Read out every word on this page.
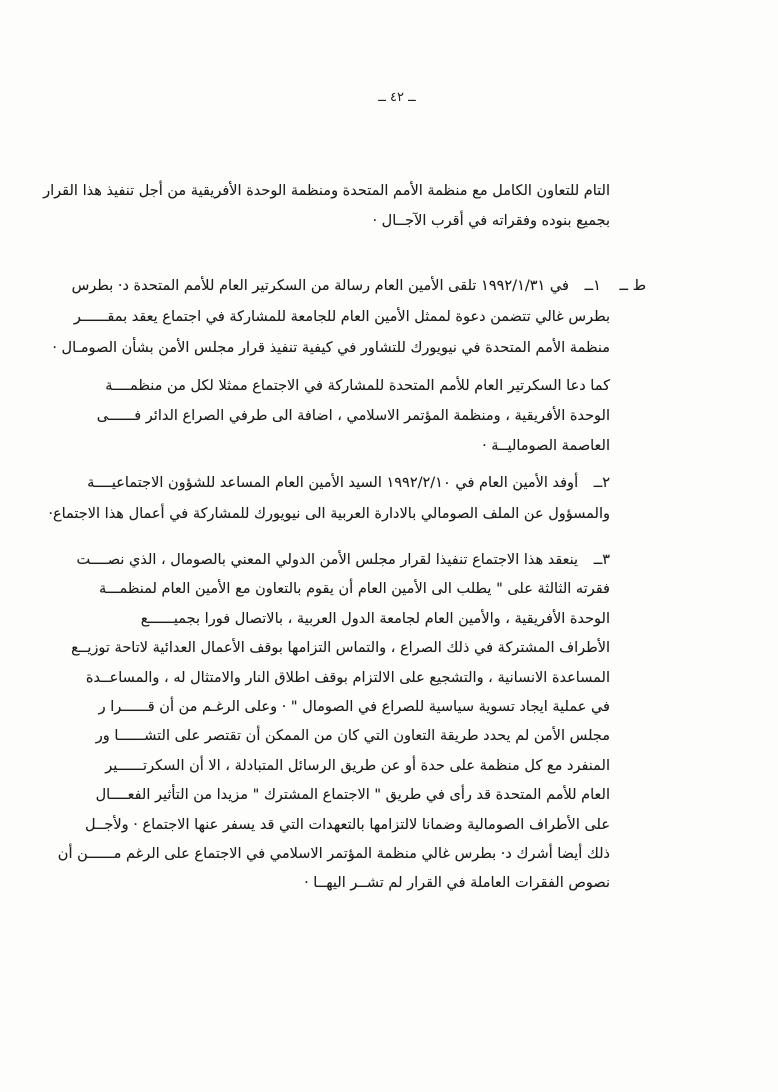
ــ ٤٢ ــ
التام للتعاون الكامل مع منظمة الأمم المتحدة ومنظمة الوحدة الأفريقية من أجل تنفيذ هذا القرار
بجميع بنوده وفقراته في أقرب الآجــال ·
ط ــ ١ــ في ١٩٩٢/١/٣١ تلقى الأمين العام رسالة من السكرتير العام للأمم المتحدة د· بطرس
بطرس غالي تتضمن دعوة لممثل الأمين العام للجامعة للمشاركة في اجتماع يعقد بمقــــــر
منظمة الأمم المتحدة في نيويورك للتشاور في كيفية تنفيذ قرار مجلس الأمن بشأن الصومـال ·
كما دعا السكرتير العام للأمم المتحدة للمشاركة في الاجتماع ممثلا لكل من منظمــــة
الوحدة الأفريقية ، ومنظمة المؤتمر الاسلامي ، اضافة الى طرفي الصراع الدائر فــــــى
العاصمة الصوماليــة ·
٢ــ أوفد الأمين العام في ١٩٩٢/٢/١٠ السيد الأمين العام المساعد للشؤون الاجتماعيــــة
والمسؤول عن الملف الصومالي بالادارة العربية الى نيويورك للمشاركة في أعمال هذا الاجتماع·
٣ــ ينعقد هذا الاجتماع تنفيذا لقرار مجلس الأمن الدولي المعني بالصومال ، الذي نصــــت
فقرته الثالثة على " يطلب الى الأمين العام أن يقوم بالتعاون مع الأمين العام لمنظمـــة
الوحدة الأفريقية ، والأمين العام لجامعة الدول العربية ، بالاتصال فورا بجميــــــع
الأطراف المشتركة في ذلك الصراع ، والتماس التزامها بوقف الأعمال العدائية لاتاحة توزيــع
المساعدة الانسانية ، والتشجيع على الالتزام بوقف اطلاق النار والامتثال له ، والمساعــدة
في عملية ايجاد تسوية سياسية للصراع في الصومال " · وعلى الرغـم من أن قــــــرا ر
مجلس الأمن لم يحدد طريقة التعاون التي كان من الممكن أن تقتصر على التشــــــا ور
المنفرد مع كل منظمة على حدة أو عن طريق الرسائل المتبادلة ، الا أن السكرتــــــير
العام للأمم المتحدة قد رأى في طريق " الاجتماع المشترك " مزيدا من التأثير الفعــــال
على الأطراف الصومالية وضمانا لالتزامها بالتعهدات التي قد يسفر عنها الاجتماع · ولأجــل
ذلك أيضا أشرك د· بطرس غالي منظمة المؤتمر الاسلامي في الاجتماع على الرغم مــــــن أن
نصوص الفقرات العاملة في القرار لم تشــر اليهــا ·
